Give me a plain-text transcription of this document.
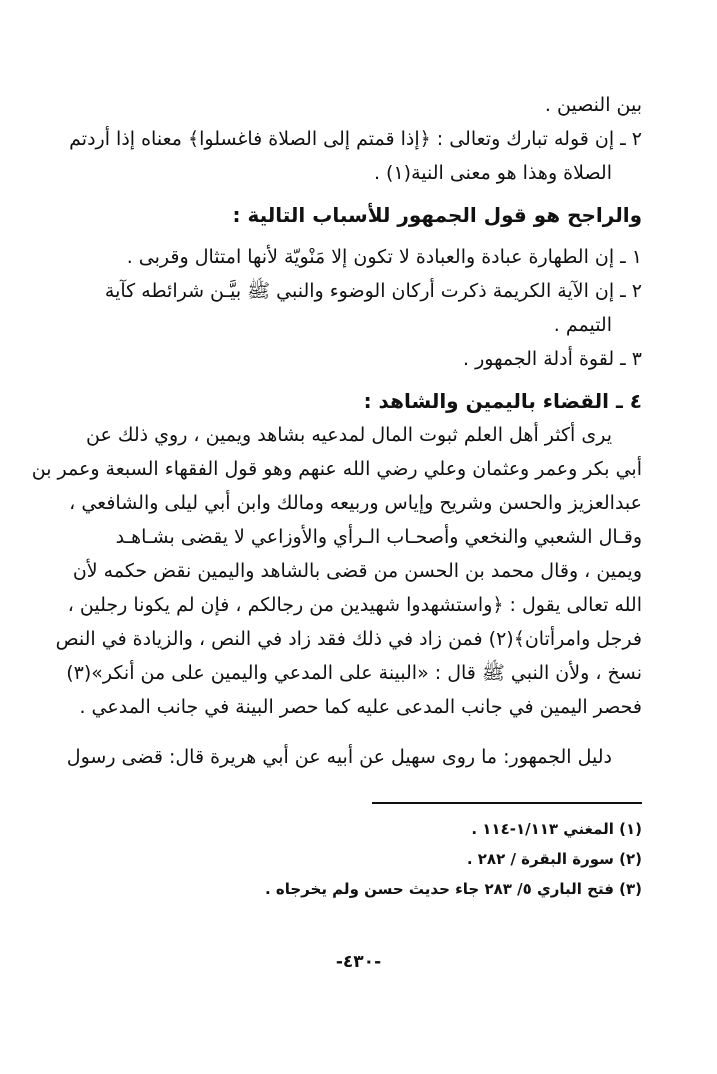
بين النصين .
٢ ـ إن قوله تبارك وتعالى : ﴿إذا قمتم إلى الصلاة فاغسلوا﴾ معناه إذا أردتم
الصلاة وهذا هو معنى النية(١) .
والراجح هو قول الجمهور للأسباب التالية :
١ ـ إن الطهارة عبادة والعبادة لا تكون إلا مَنْويّة لأنها امتثال وقربى .
٢ ـ إن الآية الكريمة ذكرت أركان الوضوء والنبي ﷺ بيَّـن شرائطه كآية
التيمم .
٣ ـ لقوة أدلة الجمهور .
٤ ـ القضاء باليمين والشاهد :
يرى أكثر أهل العلم ثبوت المال لمدعيه بشاهد ويمين ، روي ذلك عن
أبي بكر وعمر وعثمان وعلي رضي الله عنهم وهو قول الفقهاء السبعة وعمر بن
عبدالعزيز والحسن وشريح وإياس وربيعه ومالك وابن أبي ليلى والشافعي ،
وقـال الشعبي والنخعي وأصحـاب الـرأي والأوزاعي لا يقضى بشـاهـد
ويمين ، وقال محمد بن الحسن من قضى بالشاهد واليمين نقض حكمه لأن
الله تعالى يقول : ﴿واستشهدوا شهيدين من رجالكم ، فإن لم يكونا رجلين ،
فرجل وامرأتان﴾(٢) فمن زاد في ذلك فقد زاد في النص ، والزيادة في النص
نسخ ، ولأن النبي ﷺ قال : «البينة على المدعي واليمين على من أنكر»(٣)
فحصر اليمين في جانب المدعى عليه كما حصر البينة في جانب المدعي .
دليل الجمهور: ما روى سهيل عن أبيه عن أبي هريرة قال: قضى رسول
(١) المغني ١/١١٣-١١٤ .
(٢) سورة البقرة / ٢٨٢ .
(٣) فتح الباري ٥/ ٢٨٣ جاء حديث حسن ولم يخرجاه .
-٤٣٠-
